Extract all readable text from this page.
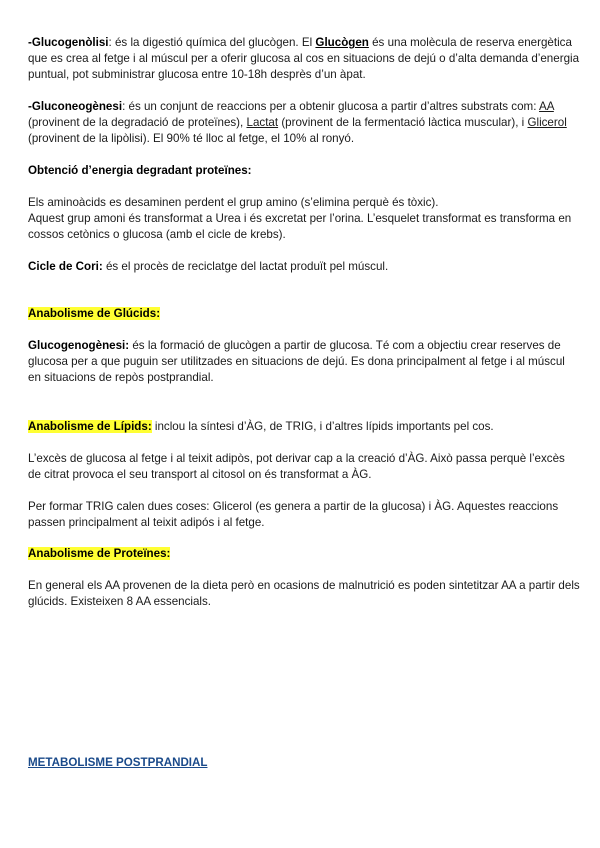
-Glucogenòlisi: és la digestió química del glucògen. El Glucògen és una molècula de reserva energètica que es crea al fetge i al múscul per a oferir glucosa al cos en situacions de dejú o d’alta demanda d’energia puntual, pot subministrar glucosa entre 10-18h desprès d’un àpat.

-Gluconeogènesi: és un conjunt de reaccions per a obtenir glucosa a partir d’altres substrats com: AA (provinent de la degradació de proteïnes), Lactat (provinent de la fermentació làctica muscular), i Glicerol (provinent de la lipòlisi). El 90% té lloc al fetge, el 10% al ronyó.

Obtenció d’energia degradant proteïnes:

Els aminoàcids es desaminen perdent el grup amino (s’elimina perquè és tòxic).

Aquest grup amoni és transformat a Urea i és excretat per l’orina. L’esquelet transformat es transforma en cossos cetònics o glucosa (amb el cicle de krebs).

Cicle de Cori: és el procès de reciclatge del lactat produït pel múscul.

Anabolisme de Glúcids:

Glucogenogènesi: és la formació de glucògen a partir de glucosa. Té com a objectiu crear reserves de glucosa per a que puguin ser utilitzades en situacions de dejú. Es dona principalment al fetge i al múscul en situacions de repòs postprandial.

Anabolisme de Lípids: inclou la síntesi d’ÀG, de TRIG, i d’altres lípids importants pel cos.

L’excès de glucosa al fetge i al teixit adipòs, pot derivar cap a la creació d’ÀG. Això passa perquè l’excès de citrat provoca el seu transport al citosol on és transformat a ÀG.

Per formar TRIG calen dues coses: Glicerol (es genera a partir de la glucosa) i ÀG. Aquestes reaccions passen principalment al teixit adipós i al fetge.

Anabolisme de Proteïnes:

En general els AA provenen de la dieta però en ocasions de malnutrició es poden sintetitzar AA a partir dels glúcids. Existeixen 8 AA essencials.

METABOLISME POSTPRANDIAL
